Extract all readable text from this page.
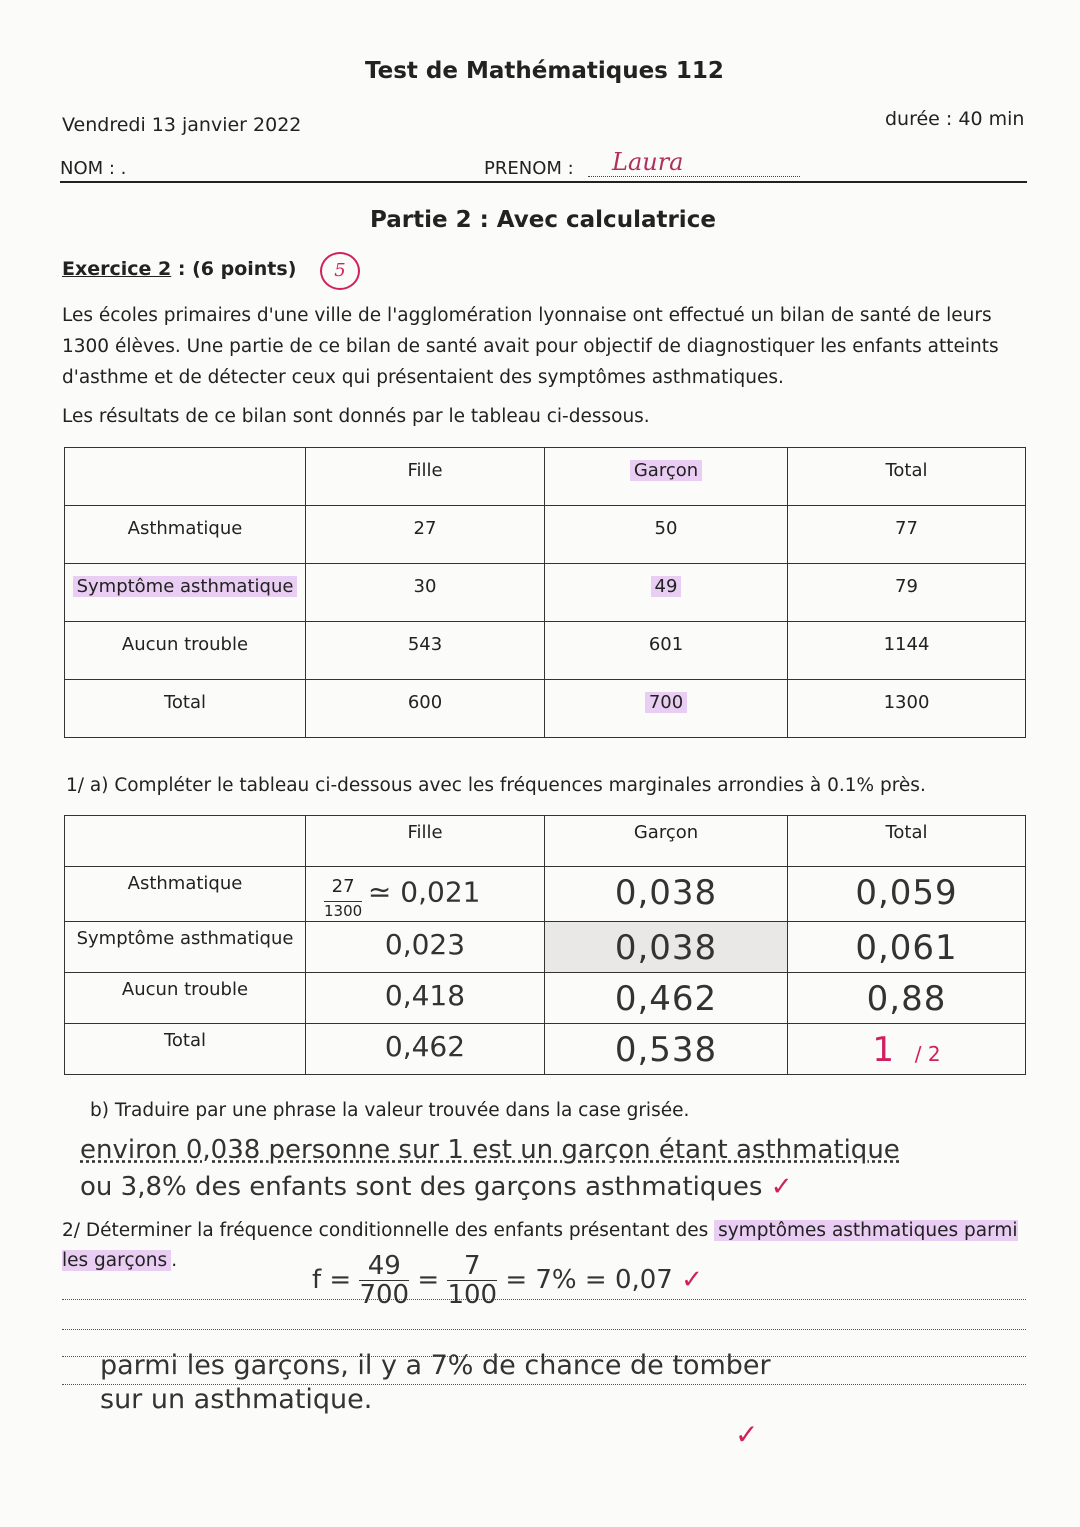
Test de Mathématiques 112
Vendredi 13 janvier 2022	durée : 40 min
NOM : .	PRENOM : Laura
Partie 2 : Avec calculatrice
Exercice 2 : (6 points)	5
Les écoles primaires d'une ville de l'agglomération lyonnaise ont effectué un bilan de santé de leurs 1300 élèves. Une partie de ce bilan de santé avait pour objectif de diagnostiquer les enfants atteints d'asthme et de détecter ceux qui présentaient des symptômes asthmatiques.
Les résultats de ce bilan sont donnés par le tableau ci-dessous.
	Fille	Garçon	Total
Asthmatique	27	50	77
Symptôme asthmatique	30	49	79
Aucun trouble	543	601	1144
Total	600	700	1300
1/ a) Compléter le tableau ci-dessous avec les fréquences marginales arrondies à 0.1% près.
	Fille	Garçon	Total
Asthmatique	$\frac{27}{1300}$ ≃ 0,021	0,038	0,059
Symptôme asthmatique	0,023	0,038	0,061
Aucun trouble	0,418	0,462	0,88
Total	0,462	0,538	1 / 2
b) Traduire par une phrase la valeur trouvée dans la case grisée.
environ 0,038 personne sur 1 est un garçon étant asthmatique
ou 3,8% des enfants sont des garçons asthmatiques ✓
2/ Déterminer la fréquence conditionnelle des enfants présentant des symptômes asthmatiques parmi les garçons .
$f = \frac{49}{700} = \frac{7}{100} = 7\% = 0,07$ ✓
parmi les garçons, il y a 7% de chance de tomber
sur un asthmatique.
✓
